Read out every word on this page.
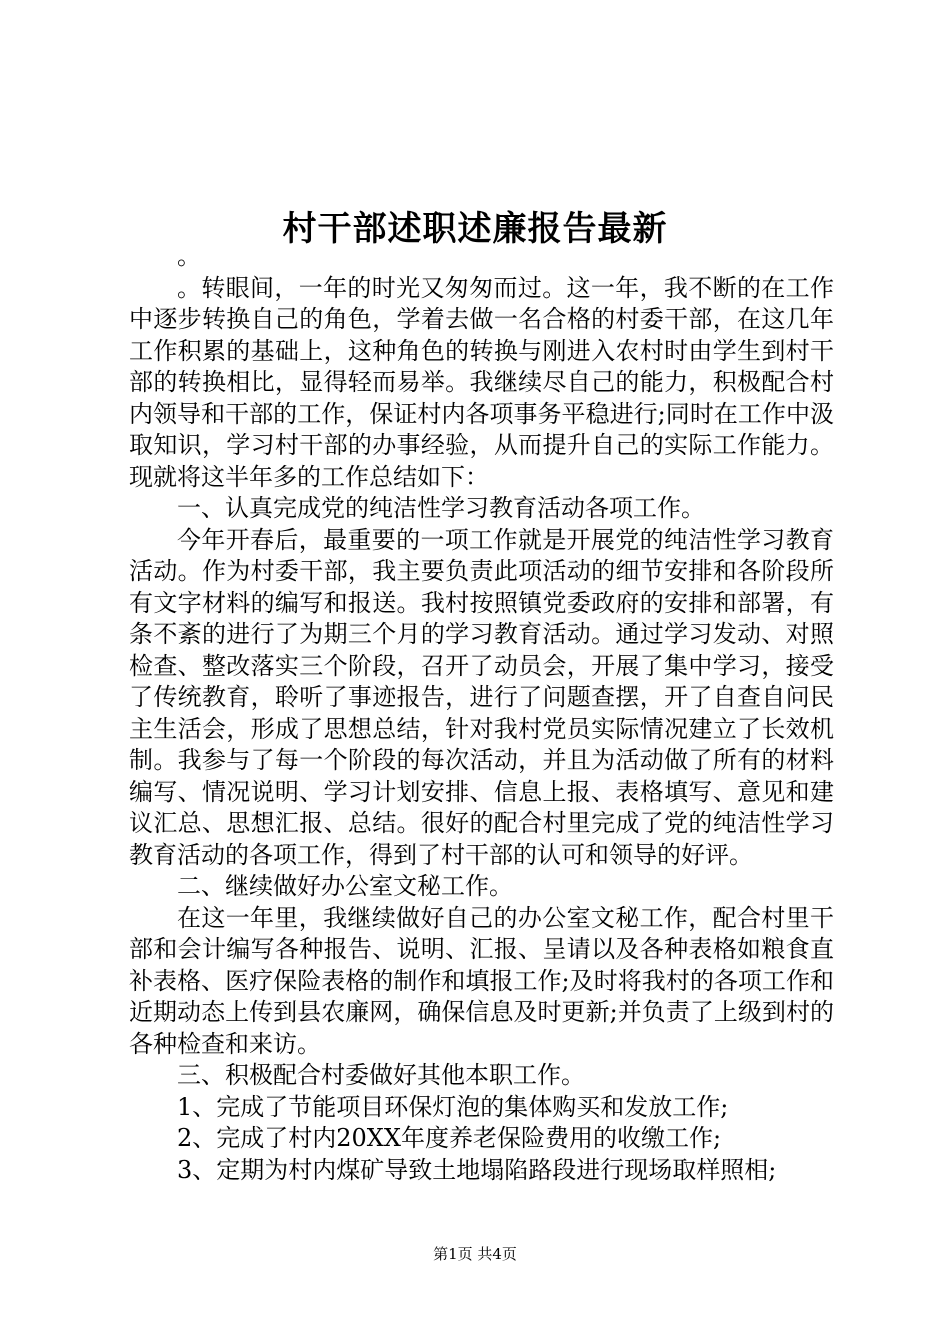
村干部述职述廉报告最新

。

。转眼间，一年的时光又匆匆而过。这一年，我不断的在工作中逐步转换自己的角色，学着去做一名合格的村委干部，在这几年工作积累的基础上，这种角色的转换与刚进入农村时由学生到村干部的转换相比，显得轻而易举。我继续尽自己的能力，积极配合村内领导和干部的工作，保证村内各项事务平稳进行;同时在工作中汲取知识，学习村干部的办事经验，从而提升自己的实际工作能力。现就将这半年多的工作总结如下：

一、认真完成党的纯洁性学习教育活动各项工作。

今年开春后，最重要的一项工作就是开展党的纯洁性学习教育活动。作为村委干部，我主要负责此项活动的细节安排和各阶段所有文字材料的编写和报送。我村按照镇党委政府的安排和部署，有条不紊的进行了为期三个月的学习教育活动。通过学习发动、对照检查、整改落实三个阶段，召开了动员会，开展了集中学习，接受了传统教育，聆听了事迹报告，进行了问题查摆，开了自查自问民主生活会，形成了思想总结，针对我村党员实际情况建立了长效机制。我参与了每一个阶段的每次活动，并且为活动做了所有的材料编写、情况说明、学习计划安排、信息上报、表格填写、意见和建议汇总、思想汇报、总结。很好的配合村里完成了党的纯洁性学习教育活动的各项工作，得到了村干部的认可和领导的好评。

二、继续做好办公室文秘工作。

在这一年里，我继续做好自己的办公室文秘工作，配合村里干部和会计编写各种报告、说明、汇报、呈请以及各种表格如粮食直补表格、医疗保险表格的制作和填报工作;及时将我村的各项工作和近期动态上传到县农廉网，确保信息及时更新;并负责了上级到村的各种检查和来访。

三、积极配合村委做好其他本职工作。

1、完成了节能项目环保灯泡的集体购买和发放工作;

2、完成了村内20XX年度养老保险费用的收缴工作;

3、定期为村内煤矿导致土地塌陷路段进行现场取样照相;

第1页 共4页
